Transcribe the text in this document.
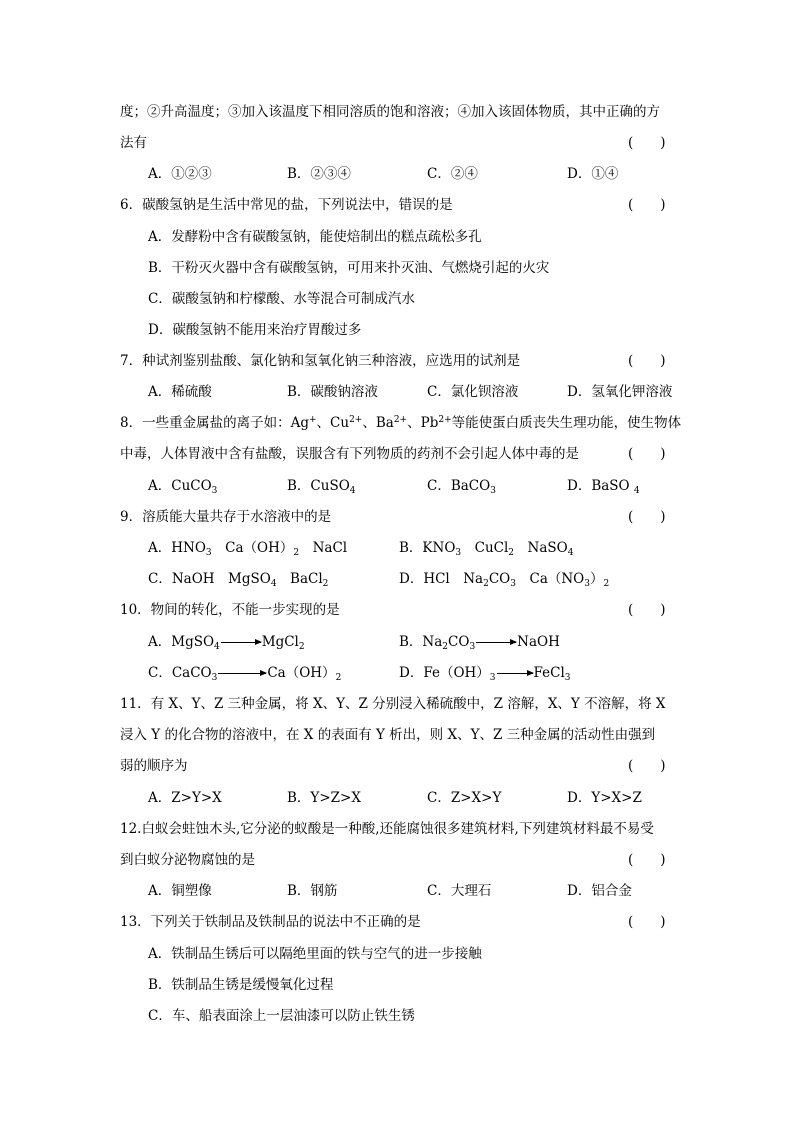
度；②升高温度；③加入该温度下相同溶质的饱和溶液；④加入该固体物质，其中正确的方
法有	(　　)
A．①②③	B．②③④	C．②④	D．①④
6．碳酸氢钠是生活中常见的盐，下列说法中，错误的是	(　　)
A．发酵粉中含有碳酸氢钠，能使焙制出的糕点疏松多孔
B．干粉灭火器中含有碳酸氢钠，可用来扑灭油、气燃烧引起的火灾
C．碳酸氢钠和柠檬酸、水等混合可制成汽水
D．碳酸氢钠不能用来治疗胃酸过多
7．种试剂鉴别盐酸、氯化钠和氢氧化钠三种溶液，应选用的试剂是	(　　)
A．稀硫酸	B．碳酸钠溶液	C．氯化钡溶液	D．氢氧化钾溶液
8．一些重金属盐的离子如：Ag+、$Cu^{2+}$、$Ba^{2+}$、$Pb^{2+}$等能使蛋白质丧失生理功能，使生物体
中毒，人体胃液中含有盐酸，误服含有下列物质的药剂不会引起人体中毒的是	(　　)
A．CuCO$_3$	B．CuSO$_4$	C．BaCO$_3$	D．BaSO $_4$
9．溶质能大量共存于水溶液中的是	(　　)
A．$HNO_3$　$Ca(OH)_2$　NaCl	B．$KNO_3$　CuCl$_2$　NaSO$_4$
C．NaOH　MgSO$_4$　BaCl$_2$	D．HCl　$Na_2CO_3$　$Ca(NO_3)_2$
10．物间的转化，不能一步实现的是	(　　)
A．MgSO$_4$	MgCl$_2$	B．$Na_2CO_3$	NaOH
C．CaCO$_3$	$Ca(OH)_2$	D．$Fe(OH)_3$	FeCl$_3$
11．有 X、Y、Z 三种金属，将 X、Y、Z 分别浸入稀硫酸中，Z 溶解，X、Y 不溶解，将 X
浸入 Y 的化合物的溶液中，在 X 的表面有 Y 析出，则 X、Y、Z 三种金属的活动性由强到
弱的顺序为	(　　)
A．Z>Y>X	B．Y>Z>X	C．Z>X>Y	D．Y>X>Z
12.白蚁会蛀蚀木头,它分泌的蚁酸是一种酸,还能腐蚀很多建筑材料,下列建筑材料最不易受
到白蚁分泌物腐蚀的是	(　　)
A．铜塑像	B．钢筋	C．大理石	D．铝合金
13．下列关于铁制品及铁制品的说法中不正确的是	(　　)
A．铁制品生锈后可以隔绝里面的铁与空气的进一步接触
B．铁制品生锈是缓慢氧化过程
C．车、船表面涂上一层油漆可以防止铁生锈
